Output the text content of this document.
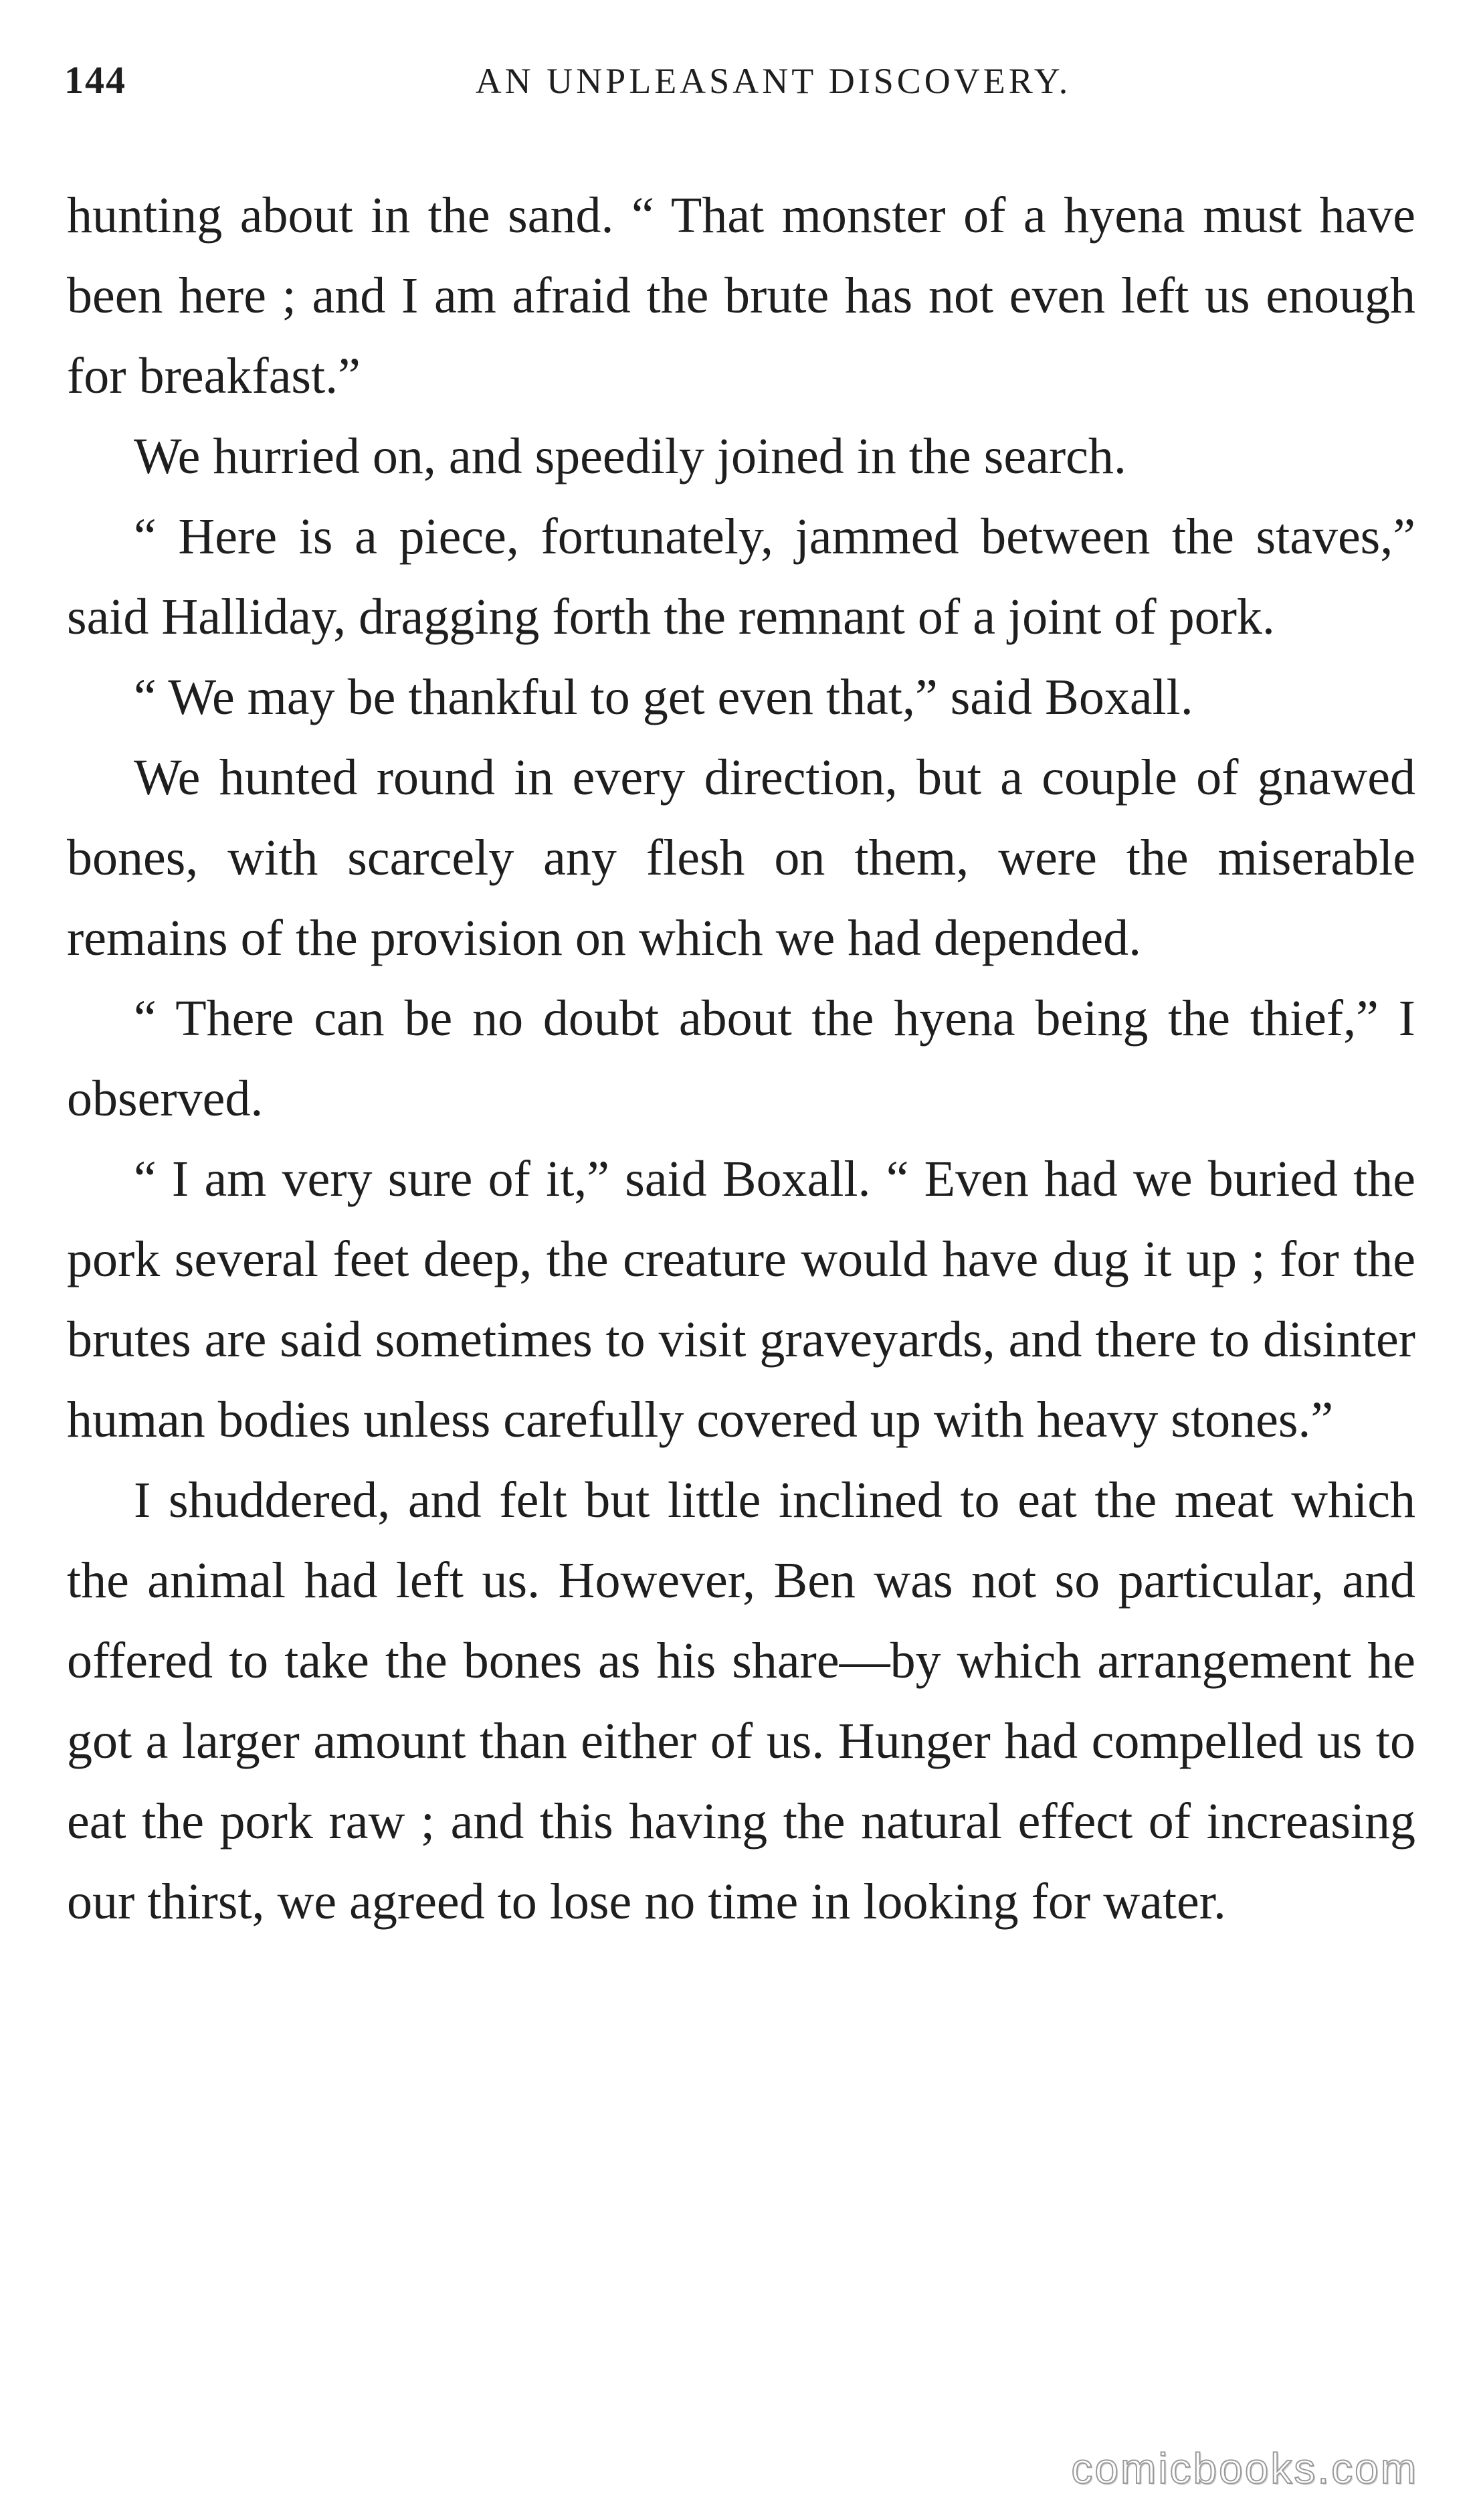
144	AN UNPLEASANT DISCOVERY.

hunting about in the sand. “ That monster of a hyena must have been here ; and I am afraid the brute has not even left us enough for breakfast.”

We hurried on, and speedily joined in the search.

“ Here is a piece, fortunately, jammed between the staves,” said Halliday, dragging forth the remnant of a joint of pork.

“ We may be thankful to get even that,” said Boxall.

We hunted round in every direction, but a couple of gnawed bones, with scarcely any flesh on them, were the miserable remains of the provision on which we had depended.

“ There can be no doubt about the hyena being the thief,” I observed.

“ I am very sure of it,” said Boxall. “ Even had we buried the pork several feet deep, the creature would have dug it up ; for the brutes are said sometimes to visit graveyards, and there to disinter human bodies unless carefully covered up with heavy stones.”

I shuddered, and felt but little inclined to eat the meat which the animal had left us. However, Ben was not so particular, and offered to take the bones as his share—by which arrangement he got a larger amount than either of us. Hunger had compelled us to eat the pork raw ; and this having the natural effect of increasing our thirst, we agreed to lose no time in looking for water.

comicbooks.com
